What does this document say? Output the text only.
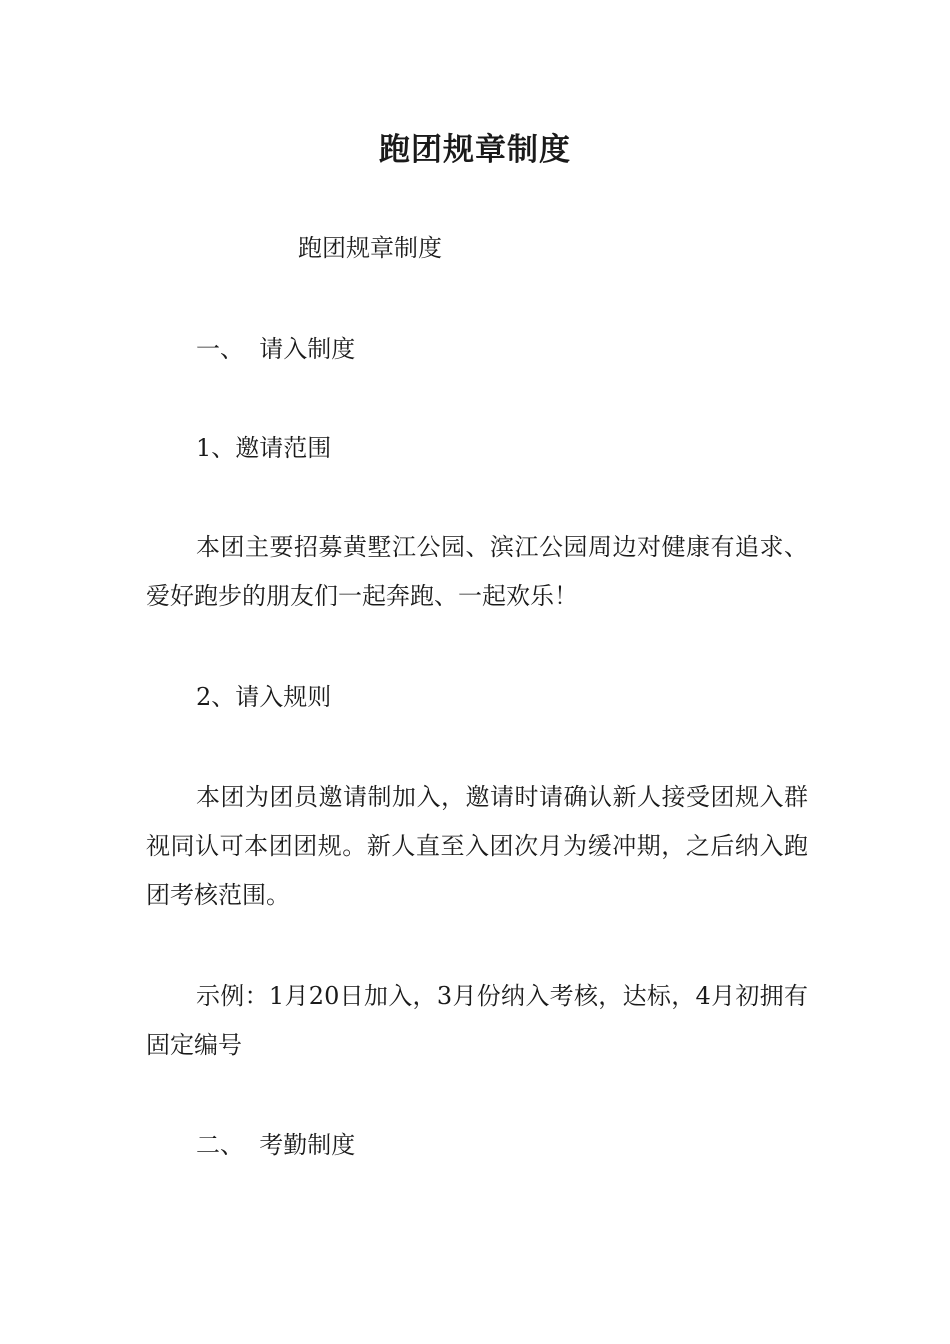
跑团规章制度
跑团规章制度
一、  请入制度
1、邀请范围
本团主要招募黄墅江公园、滨江公园周边对健康有追求、爱好跑步的朋友们一起奔跑、一起欢乐！
2、请入规则
本团为团员邀请制加入，邀请时请确认新人接受团规入群视同认可本团团规。新人直至入团次月为缓冲期，之后纳入跑团考核范围。
示例：1月20日加入，3月份纳入考核，达标，4月初拥有固定编号
二、  考勤制度
